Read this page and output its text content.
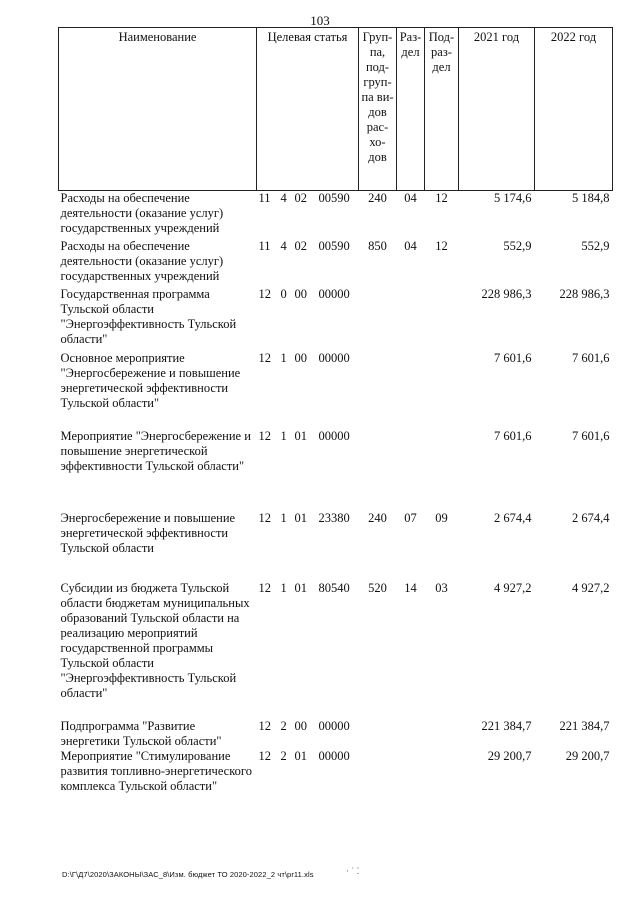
103
Наименование	Целевая статья	Груп-па, под-груп-па ви-дов рас-хо-дов	Раз-дел	Под-раз-дел	2021 год	2022 год
Расходы на обеспечение деятельности (оказание услуг) государственных учреждений	11 4 02 00590	240	04	12	5 174,6	5 184,8
Расходы на обеспечение деятельности (оказание услуг) государственных учреждений	11 4 02 00590	850	04	12	552,9	552,9
Государственная программа Тульской области "Энергоэффективность Тульской области"	12 0 00 00000				228 986,3	228 986,3
Основное мероприятие "Энергосбережение и повышение энергетической эффективности Тульской области"	12 1 00 00000				7 601,6	7 601,6
Мероприятие "Энергосбережение и повышение энергетической эффективности Тульской области"	12 1 01 00000				7 601,6	7 601,6
Энергосбережение и повышение энергетической эффективности Тульской области	12 1 01 23380	240	07	09	2 674,4	2 674,4
Субсидии из бюджета Тульской области бюджетам муниципальных образований Тульской области на реализацию мероприятий государственной программы Тульской области "Энергоэффективность Тульской области"	12 1 01 80540	520	14	03	4 927,2	4 927,2
Подпрограмма "Развитие энергетики Тульской области"	12 2 00 00000				221 384,7	221 384,7
Мероприятие "Стимулирование развития топливно-энергетического комплекса Тульской области"	12 2 01 00000				29 200,7	29 200,7
D:\Г\Д7\2020\ЗАКОНЫ\ЗАС_8\Изм. бюджет ТО 2020-2022_2 чт\pr11.xls	· ˙ ⁚
